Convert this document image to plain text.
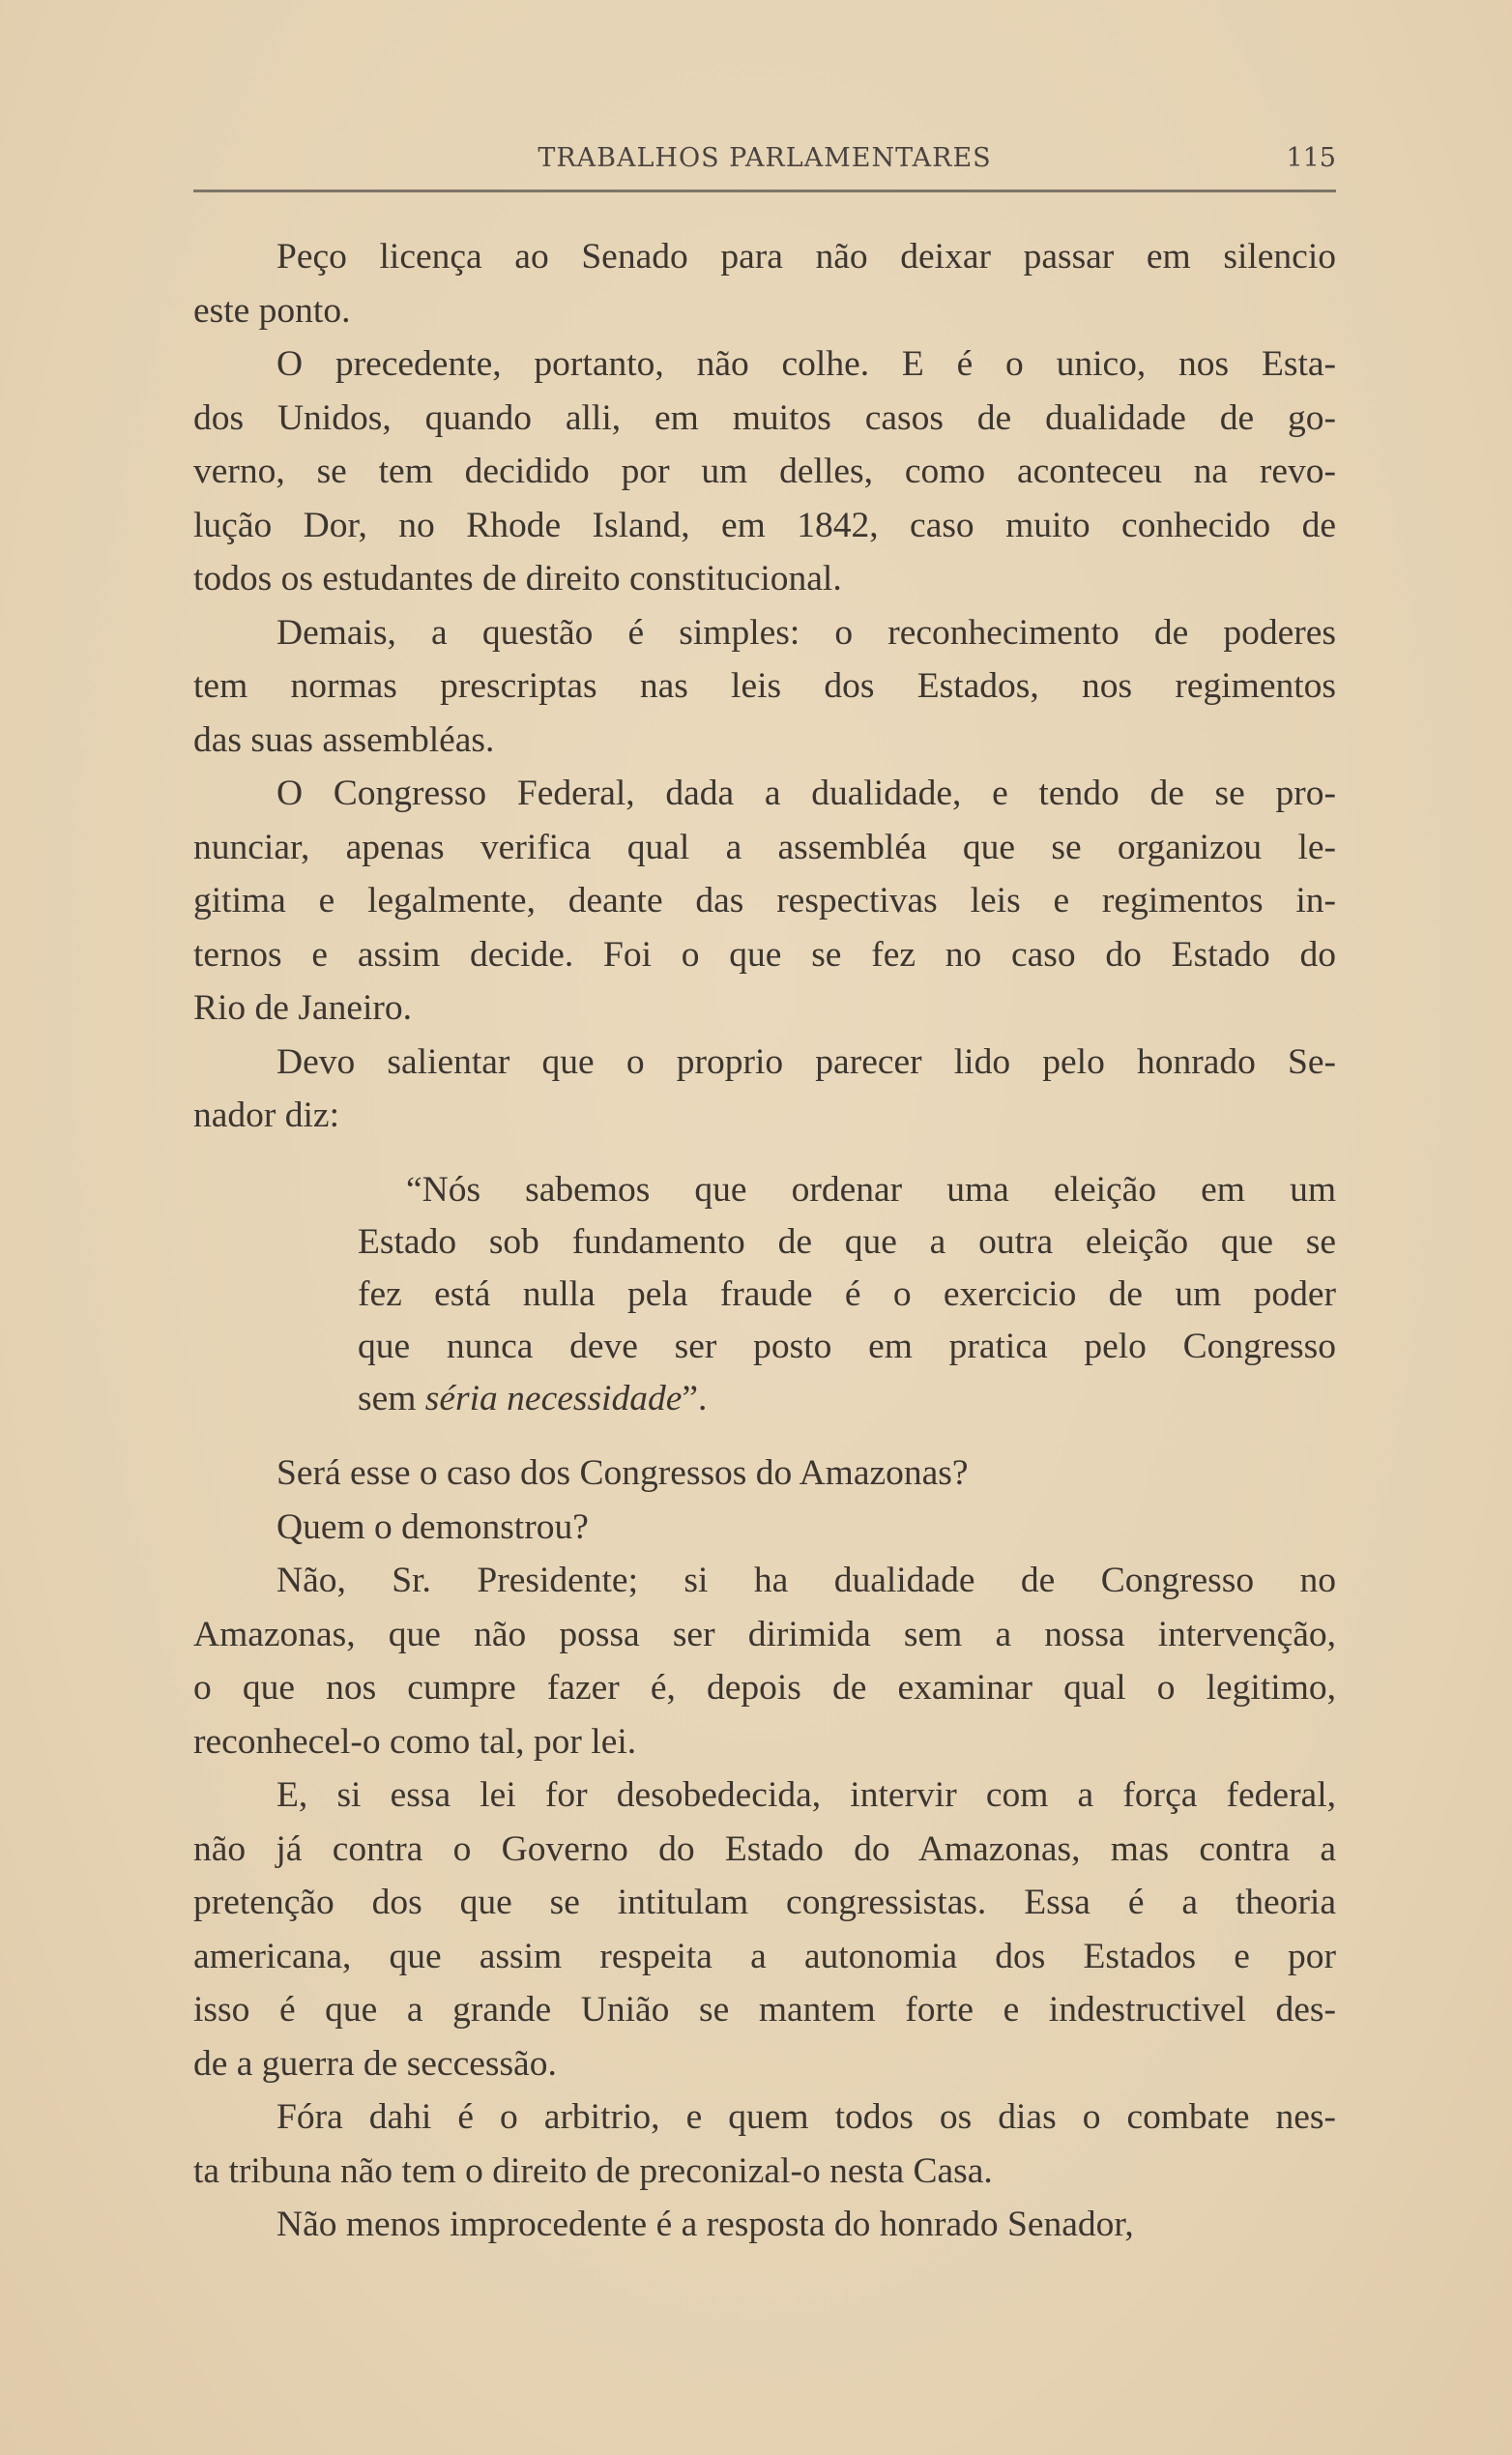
TRABALHOS PARLAMENTARES	115
Peço licença ao Senado para não deixar passar em silencio
este ponto.
O precedente, portanto, não colhe. E é o unico, nos Esta-
dos Unidos, quando alli, em muitos casos de dualidade de go-
verno, se tem decidido por um delles, como aconteceu na revo-
lução Dor, no Rhode Island, em 1842, caso muito conhecido de
todos os estudantes de direito constitucional.
Demais, a questão é simples: o reconhecimento de poderes
tem normas prescriptas nas leis dos Estados, nos regimentos
das suas assembléas.
O Congresso Federal, dada a dualidade, e tendo de se pro-
nunciar, apenas verifica qual a assembléa que se organizou le-
gitima e legalmente, deante das respectivas leis e regimentos in-
ternos e assim decide. Foi o que se fez no caso do Estado do
Rio de Janeiro.
Devo salientar que o proprio parecer lido pelo honrado Se-
nador diz:
“Nós sabemos que ordenar uma eleição em um
Estado sob fundamento de que a outra eleição que se
fez está nulla pela fraude é o exercicio de um poder
que nunca deve ser posto em pratica pelo Congresso
sem séria necessidade”.
Será esse o caso dos Congressos do Amazonas?
Quem o demonstrou?
Não, Sr. Presidente; si ha dualidade de Congresso no
Amazonas, que não possa ser dirimida sem a nossa intervenção,
o que nos cumpre fazer é, depois de examinar qual o legitimo,
reconhecel-o como tal, por lei.
E, si essa lei for desobedecida, intervir com a força federal,
não já contra o Governo do Estado do Amazonas, mas contra a
pretenção dos que se intitulam congressistas. Essa é a theoria
americana, que assim respeita a autonomia dos Estados e por
isso é que a grande União se mantem forte e indestructivel des-
de a guerra de seccessão.
Fóra dahi é o arbitrio, e quem todos os dias o combate nes-
ta tribuna não tem o direito de preconizal-o nesta Casa.
Não menos improcedente é a resposta do honrado Senador,
